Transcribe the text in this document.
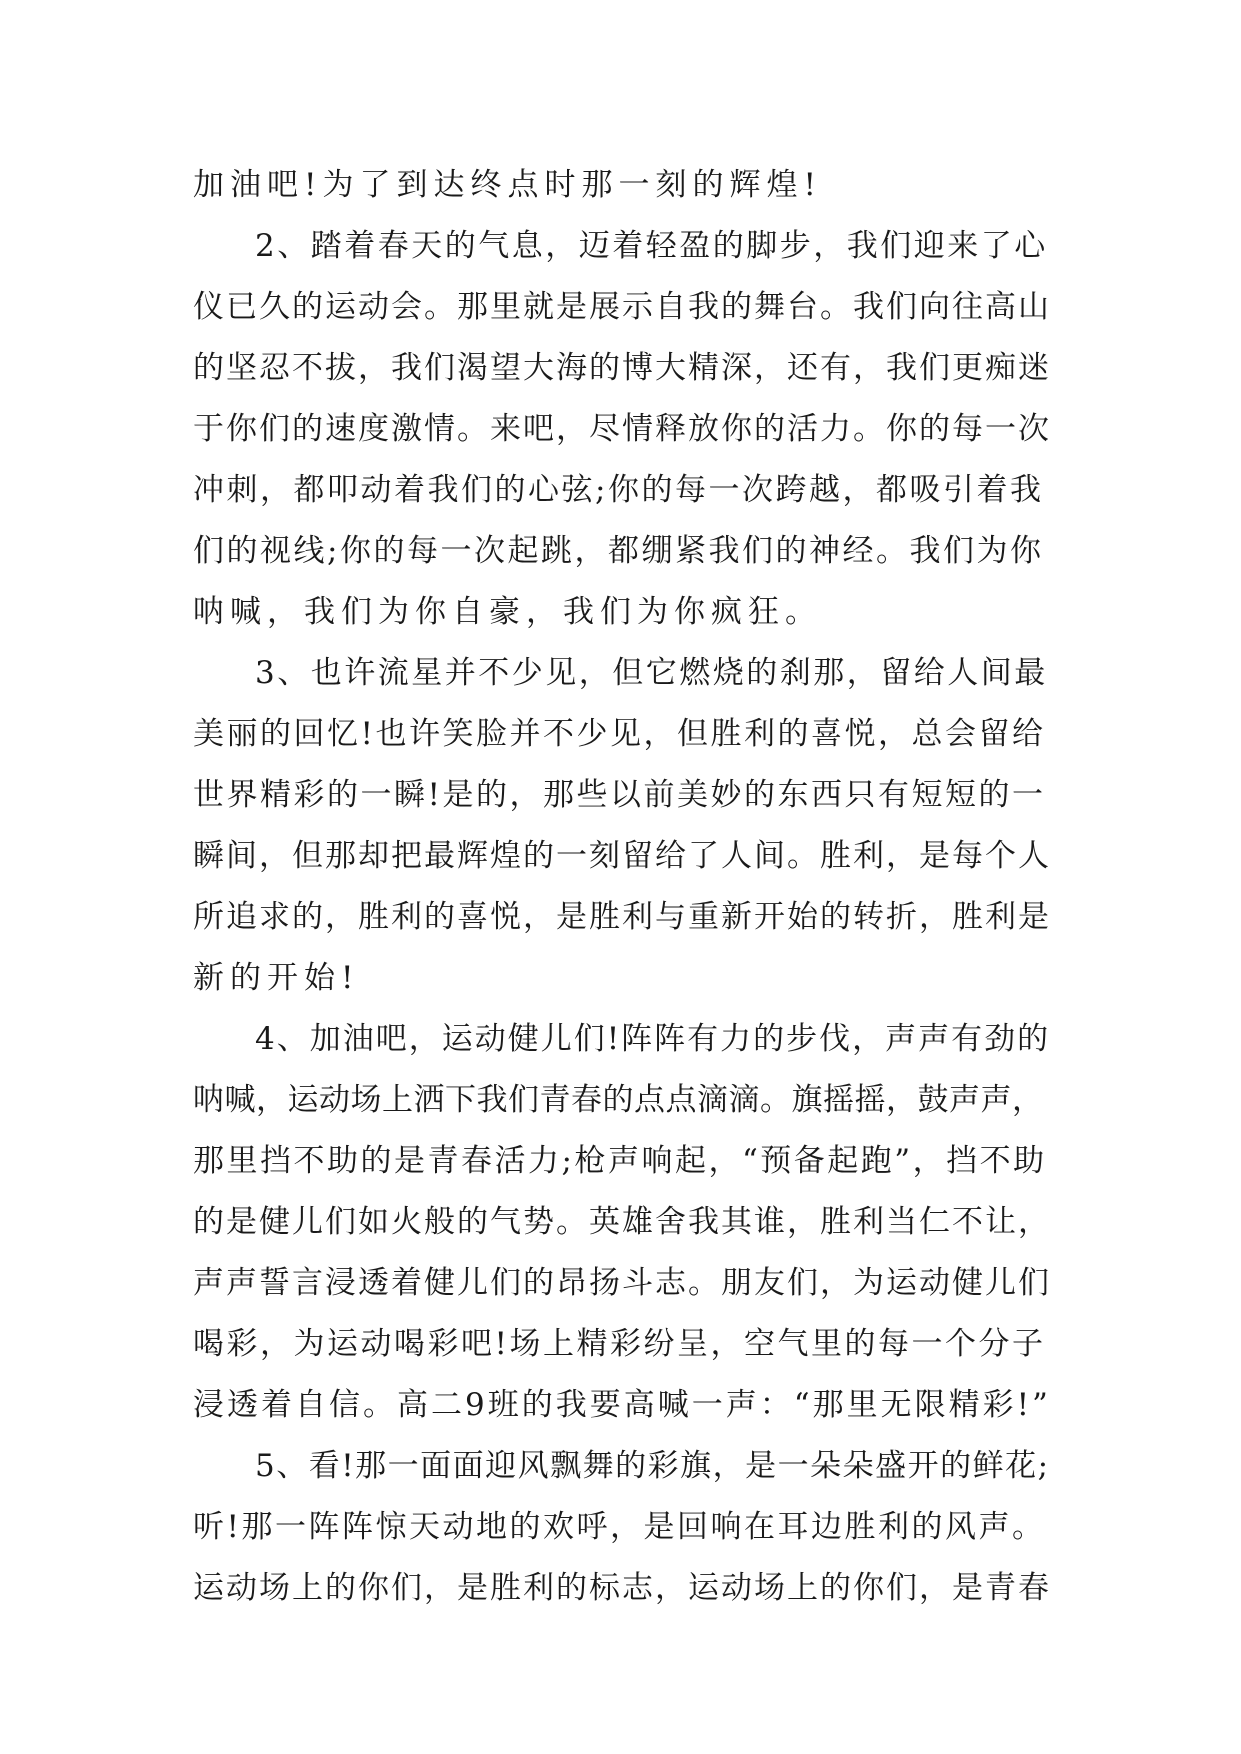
加油吧!为了到达终点时那一刻的辉煌!
2、踏着春天的气息，迈着轻盈的脚步，我们迎来了心
仪已久的运动会。那里就是展示自我的舞台。我们向往高山
的坚忍不拔，我们渴望大海的博大精深，还有，我们更痴迷
于你们的速度激情。来吧，尽情释放你的活力。你的每一次
冲刺，都叩动着我们的心弦;你的每一次跨越，都吸引着我
们的视线;你的每一次起跳，都绷紧我们的神经。我们为你
呐喊，我们为你自豪，我们为你疯狂。
3、也许流星并不少见，但它燃烧的刹那，留给人间最
美丽的回忆!也许笑脸并不少见，但胜利的喜悦，总会留给
世界精彩的一瞬!是的，那些以前美妙的东西只有短短的一
瞬间，但那却把最辉煌的一刻留给了人间。胜利，是每个人
所追求的，胜利的喜悦，是胜利与重新开始的转折，胜利是
新的开始!
4、加油吧，运动健儿们!阵阵有力的步伐，声声有劲的
呐喊，运动场上洒下我们青春的点点滴滴。旗摇摇，鼓声声，
那里挡不助的是青春活力;枪声响起，“预备起跑”，挡不助
的是健儿们如火般的气势。英雄舍我其谁，胜利当仁不让，
声声誓言浸透着健儿们的昂扬斗志。朋友们，为运动健儿们
喝彩，为运动喝彩吧!场上精彩纷呈，空气里的每一个分子
浸透着自信。高二9班的我要高喊一声：“那里无限精彩!”
5、看!那一面面迎风飘舞的彩旗，是一朵朵盛开的鲜花;
听!那一阵阵惊天动地的欢呼，是回响在耳边胜利的风声。
运动场上的你们，是胜利的标志，运动场上的你们，是青春
